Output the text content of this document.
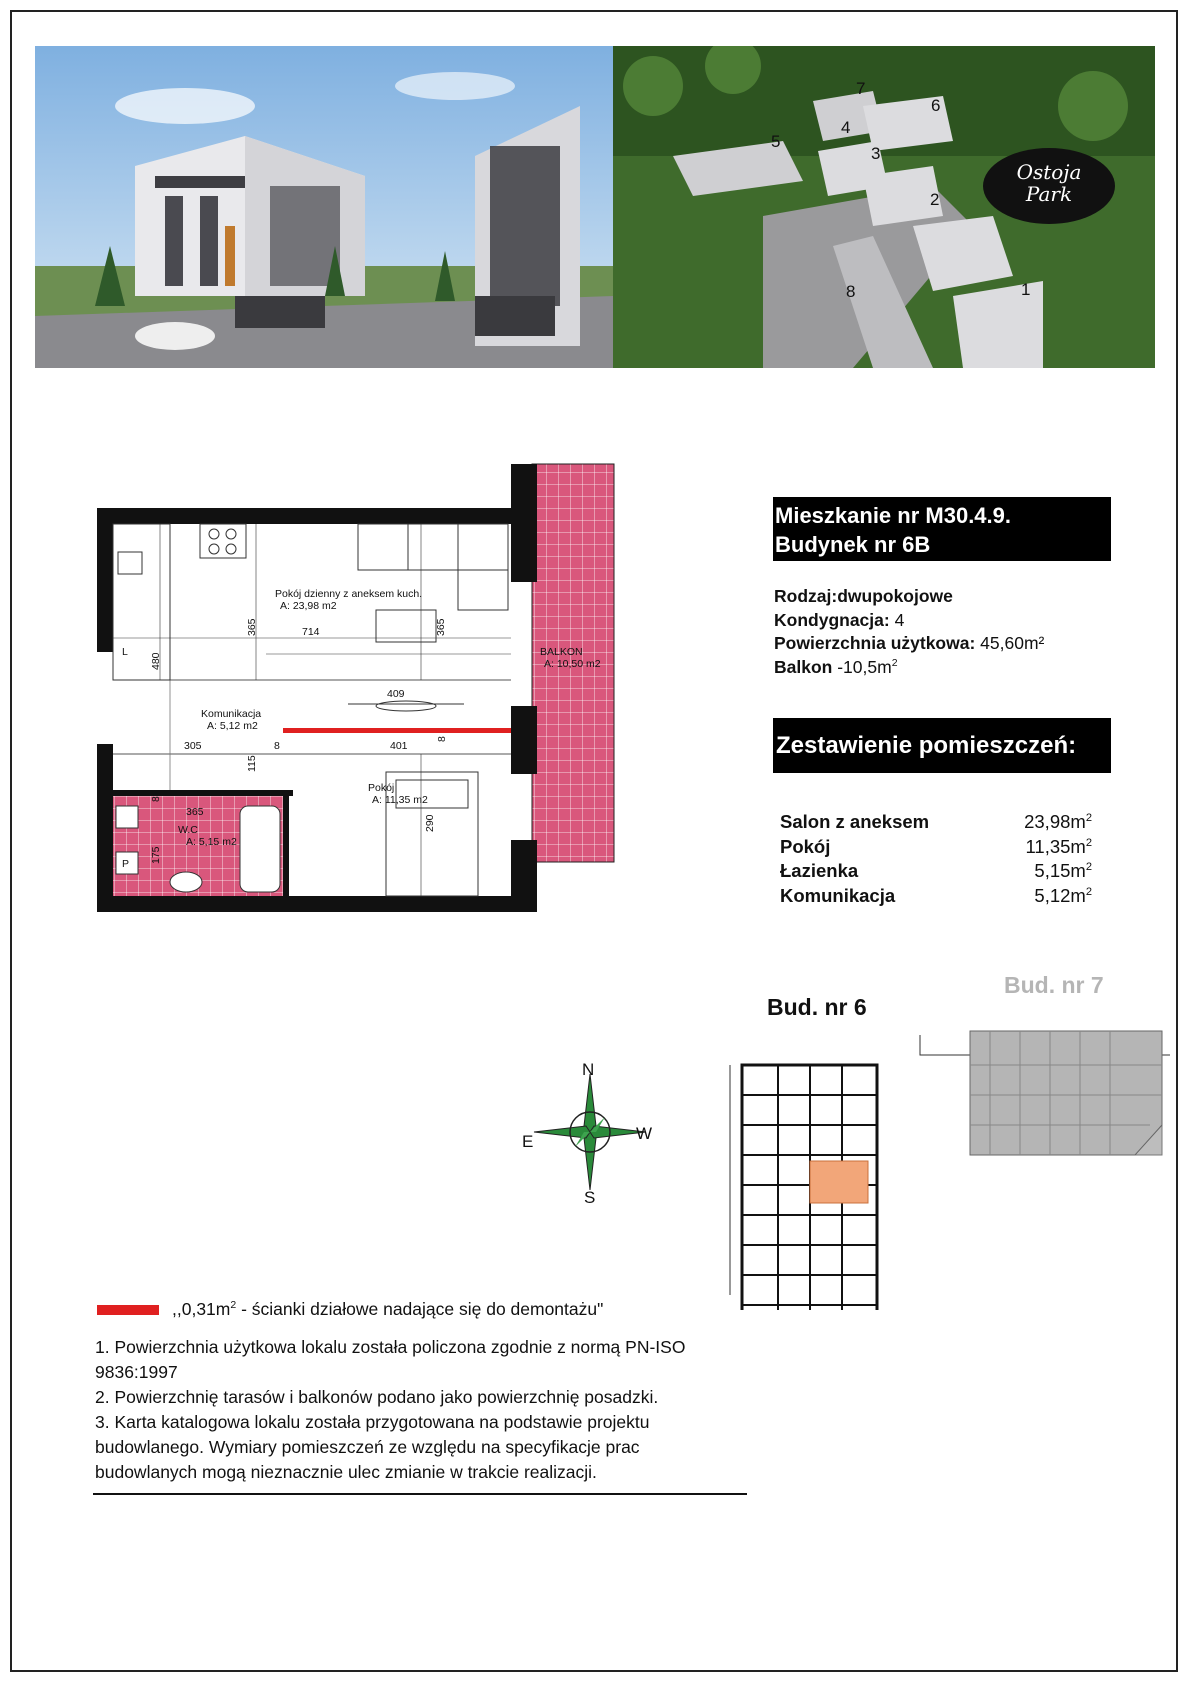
7
6
5
4
3
2
8	1
Ostoja
Park
Pokój dzienny z aneksem kuch.
A: 23,98 m2
BALKON
A: 10,50 m2
Komunikacja
A: 5,12 m2
Pokój
A: 11,35 m2
W.C
A: 5,15 m2
P
L
714
409
305	8	401
365
480
365	365
8
115
8
175
290
Mieszkanie nr M30.4.9.
Budynek nr 6B
Rodzaj:dwupokojowe
Kondygnacja: 4
Powierzchnia użytkowa: 45,60m²
Balkon $-10,5m^2$
Zestawienie pomieszczeń:
Salon z aneksem	$23,98m^2$
Pokój	$11,35m^2$
Łazienka	$5,15m^2$
Komunikacja	$5,12m^2$
Bud. nr 6
Bud. nr 7
N
S
E	W
$,,0,31m^2$ - ścianki działowe nadające się do demontażu"
1. Powierzchnia użytkowa lokalu została policzona zgodnie z normą PN-ISO
9836:1997
2. Powierzchnię tarasów i balkonów podano jako powierzchnię posadzki.
3. Karta katalogowa lokalu została przygotowana na podstawie projektu
budowlanego. Wymiary pomieszczeń ze względu na specyfikacje prac
budowlanych mogą nieznacznie ulec zmianie w trakcie realizacji.
